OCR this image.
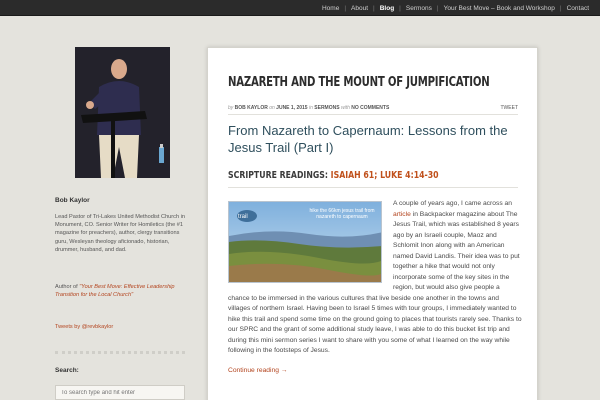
Home | About | Blog | Sermons | Your Best Move – Book and Workshop | Contact
Bob Kaylor
Lead Pastor of Tri-Lakes United Methodist Church in Monument, CO. Senior Writer for Homiletics (the #1 magazine for preachers), author, clergy transitions guru, Wesleyan theology aficionado, historian, drummer, husband, and dad.
Author of "Your Best Move: Effective Leadership Transition for the Local Church"
Tweets by @revbkaylor
Search:
To search type and hit enter
NAZARETH AND THE MOUNT OF JUMPIFICATION
by BOB KAYLOR on JUNE 1, 2015 in SERMONS with NO COMMENTS	TWEET
From Nazareth to Capernaum: Lessons from the Jesus Trail (Part I)
SCRIPTURE READINGS: ISAIAH 61; LUKE 4:14-30
A couple of years ago, I came across an article in Backpacker magazine about The Jesus Trail, which was established 8 years ago by an Israeli couple, Maoz and Schlomit Inon along with an American named David Landis. Their idea was to put together a hike that would not only incorporate some of the key sites in the region, but would also give people a chance to be immersed in the various cultures that live beside one another in the towns and villages of northern Israel. Having been to Israel 5 times with tour groups, I immediately wanted to hike this trail and spend some time on the ground going to places that tourists rarely see. Thanks to our SPRC and the grant of some additional study leave, I was able to do this bucket list trip and during this mini sermon series I want to share with you some of what I learned on the way while following in the footsteps of Jesus.
trail
hike the 66km jesus trail from nazareth to capernaum
Continue reading →
